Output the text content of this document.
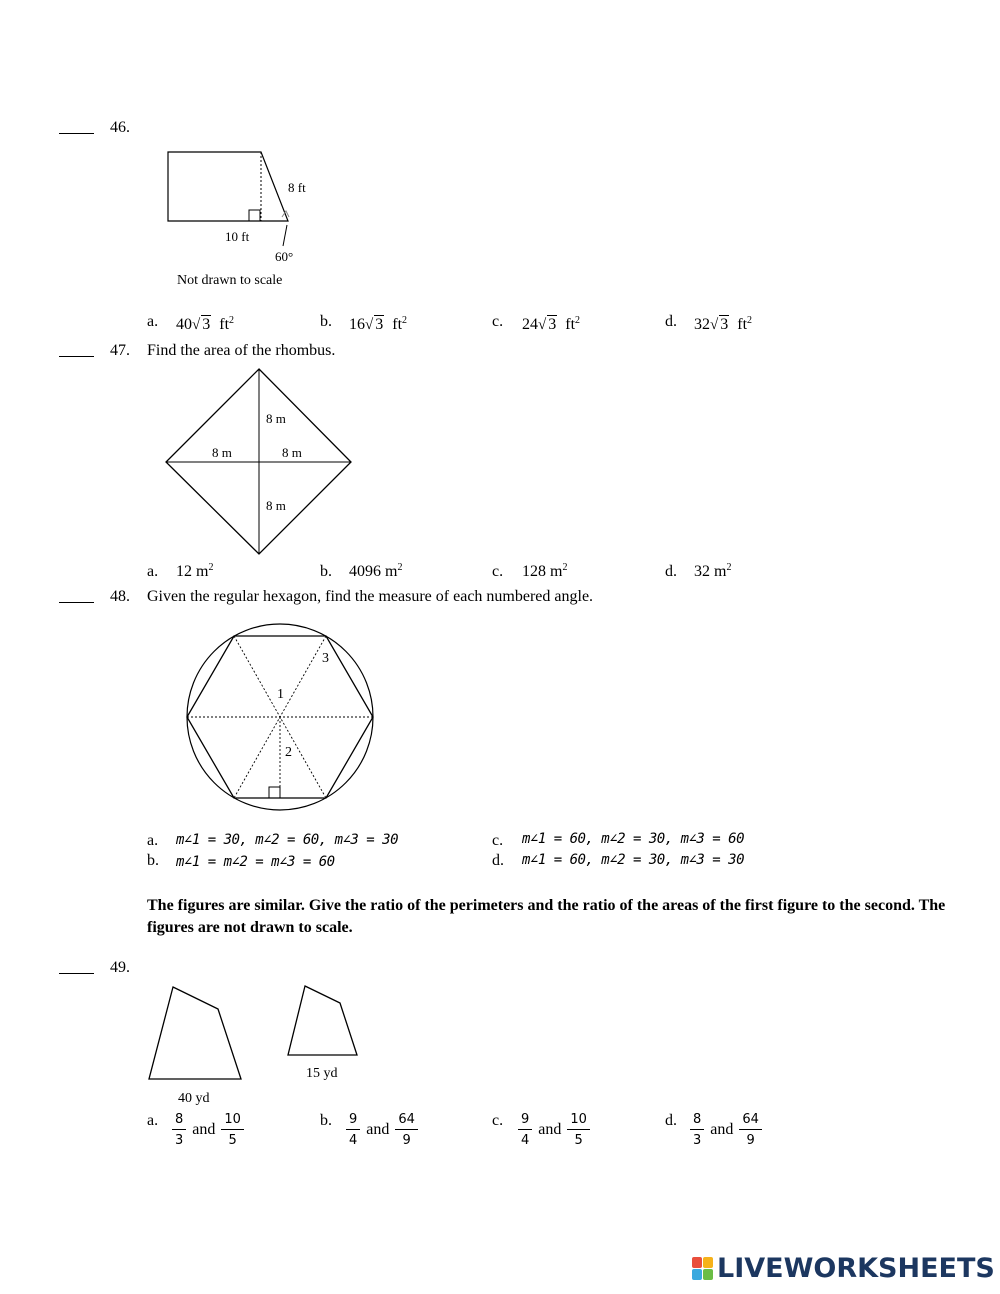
46.
8 ft
10 ft
60°
Not drawn to scale
a. 40√ 3 $ft^2$	b. 16√ 3 $ft^2$	c. 24√ 3 $ft^2$	d. 32√ 3 $ft^2$
47. Find the area of the rhombus.
8 m
8 m	8 m
8 m
a. 12 $m^2$	b. 4096 $m^2$	c. 128 $m^2$	d. 32 $m^2$
48. Given the regular hexagon, find the measure of each numbered angle.
1
2
3
a. m∠1 = 30, m∠2 = 60, m∠3 = 30
b. m∠1 = m∠2 = m∠3 = 60
c. m∠1 = 60, m∠2 = 30, m∠3 = 60
d. m∠1 = 60, m∠2 = 30, m∠3 = 30
The figures are similar. Give the ratio of the perimeters and the ratio of the areas of the first figure to the second. The figures are not drawn to scale.
49.
40 yd
15 yd
a. $\frac{8}{3}$ and $\frac{10}{5}$	b. $\frac{9}{4}$ and $\frac{64}{9}$	c. $\frac{9}{4}$ and $\frac{10}{5}$	d. $\frac{8}{3}$ and $\frac{64}{9}$
LIVEWORKSHEETS
